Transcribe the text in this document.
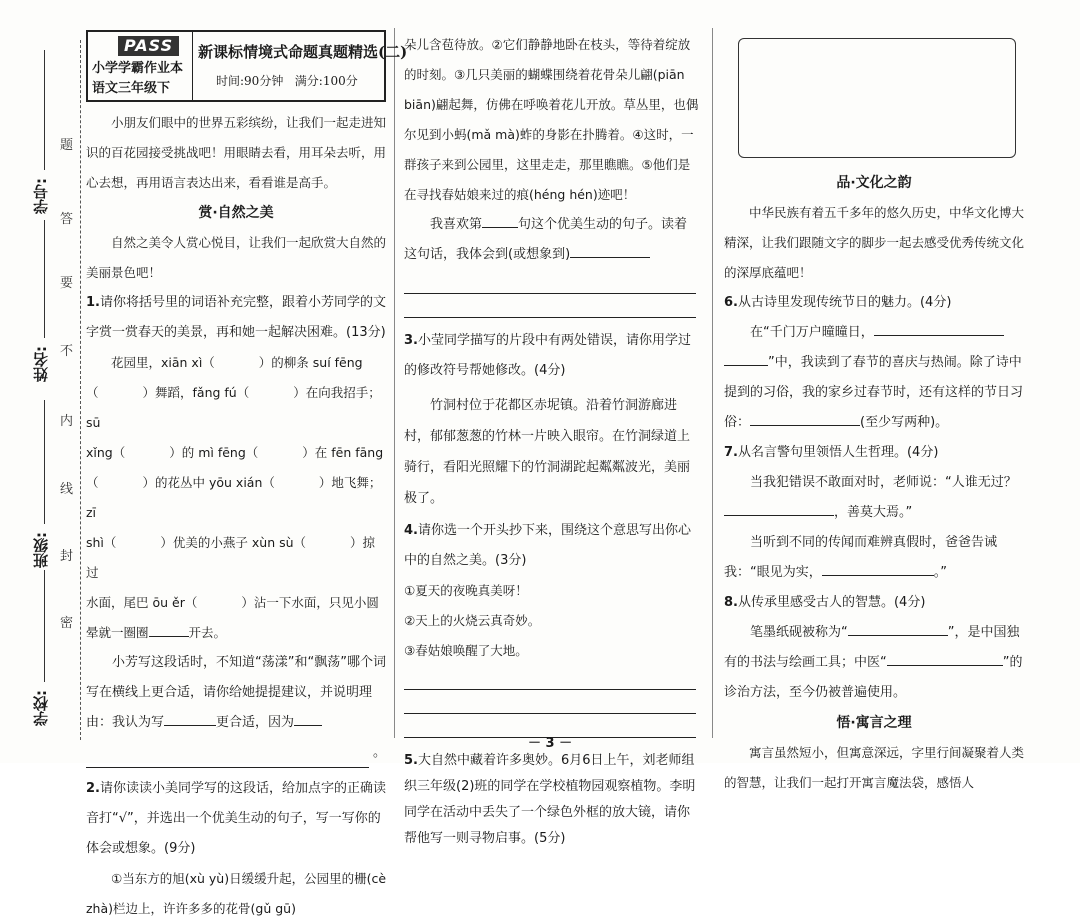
题
答
要
不
内
线
封
密
学号:
姓名:
班级:
学校:
PASS
小学学霸作业本
语文三年级下
新课标情境式命题真题精选(二)
时间:90分钟 满分:100分
小朋友们眼中的世界五彩缤纷，让我们一起走进知识的百花园接受挑战吧！用眼睛去看，用耳朵去听，用心去想，再用语言表达出来，看看谁是高手。
赏·自然之美
自然之美令人赏心悦目，让我们一起欣赏大自然的美丽景色吧！
1.请你将括号里的词语补充完整，跟着小芳同学的文字赏一赏春天的美景，再和她一起解决困难。(13分)
花园里，xiān xì（	）的柳条 suí fēng
（	）舞蹈，fǎng fú（	）在向我招手；sū
xǐng（	）的 mì fēng（	）在 fēn fāng
（	）的花丛中 yōu xián（	）地飞舞；zī
shì（	）优美的小燕子 xùn sù（	）掠过
水面，尾巴 ōu ěr（	）沾一下水面，只见小圆
晕就一圈圈	开去。
小芳写这段话时，不知道“荡漾”和“飘荡”哪个词写在横线上更合适，请你给她提提建议，并说明理由：我认为写	更合适，因为
。
2.请你读读小美同学写的这段话，给加点字的正确读音打“√”，并选出一个优美生动的句子，写一写你的体会或想象。(9分)
①当东方的旭(xù yù)日缓缓升起，公园里的栅(cè zhà)栏边上，许许多多的花骨(gǔ gū)
朵儿含苞待放。②它们静静地卧在枝头，等待着绽放的时刻。③几只美丽的蝴蝶围绕着花骨朵儿翩(piān biān)翩起舞，仿佛在呼唤着花儿开放。草丛里，也偶尔见到小蚂(mǎ mà)蚱的身影在扑腾着。④这时，一群孩子来到公园里，这里走走，那里瞧瞧。⑤他们是在寻找春姑娘来过的痕(héng hén)迹吧！
我喜欢第	句这个优美生动的句子。读着这句话，我体会到(或想象到)
3.小莹同学描写的片段中有两处错误，请你用学过的修改符号帮她修改。(4分)
竹洞村位于花都区赤坭镇。沿着竹洞游廊进村，郁郁葱葱的竹林一片映入眼帘。在竹洞绿道上骑行，看阳光照耀下的竹洞湖跎起粼粼波光，美丽极了。
4.请你选一个开头抄下来，围绕这个意思写出你心中的自然之美。(3分)
①夏天的夜晚真美呀！
②天上的火烧云真奇妙。
③春姑娘唤醒了大地。
5.大自然中藏着许多奥妙。6月6日上午，刘老师组织三年级(2)班的同学在学校植物园观察植物。李明同学在活动中丢失了一个绿色外框的放大镜，请你帮他写一则寻物启事。(5分)
品·文化之韵
中华民族有着五千多年的悠久历史，中华文化博大精深，让我们跟随文字的脚步一起去感受优秀传统文化的深厚底蕴吧！
6.从古诗里发现传统节日的魅力。(4分)
在“千门万户曈曈日，
”中，我读到了春节的喜庆与热闹。除了诗中提到的习俗，我的家乡过春节时，还有这样的节日习俗：	(至少写两种)。
7.从名言警句里领悟人生哲理。(4分)
当我犯错误不敢面对时，老师说：“人谁无过？，善莫大焉。”
当听到不同的传闻而难辨真假时，爸爸告诫我：“眼见为实，	。”
8.从传承里感受古人的智慧。(4分)
笔墨纸砚被称为“	”，是中国独有的书法与绘画工具；中医“	”的诊治方法，至今仍被普遍使用。
悟·寓言之理
寓言虽然短小，但寓意深远，字里行间凝聚着人类的智慧，让我们一起打开寓言魔法袋，感悟人
－ 3 －
